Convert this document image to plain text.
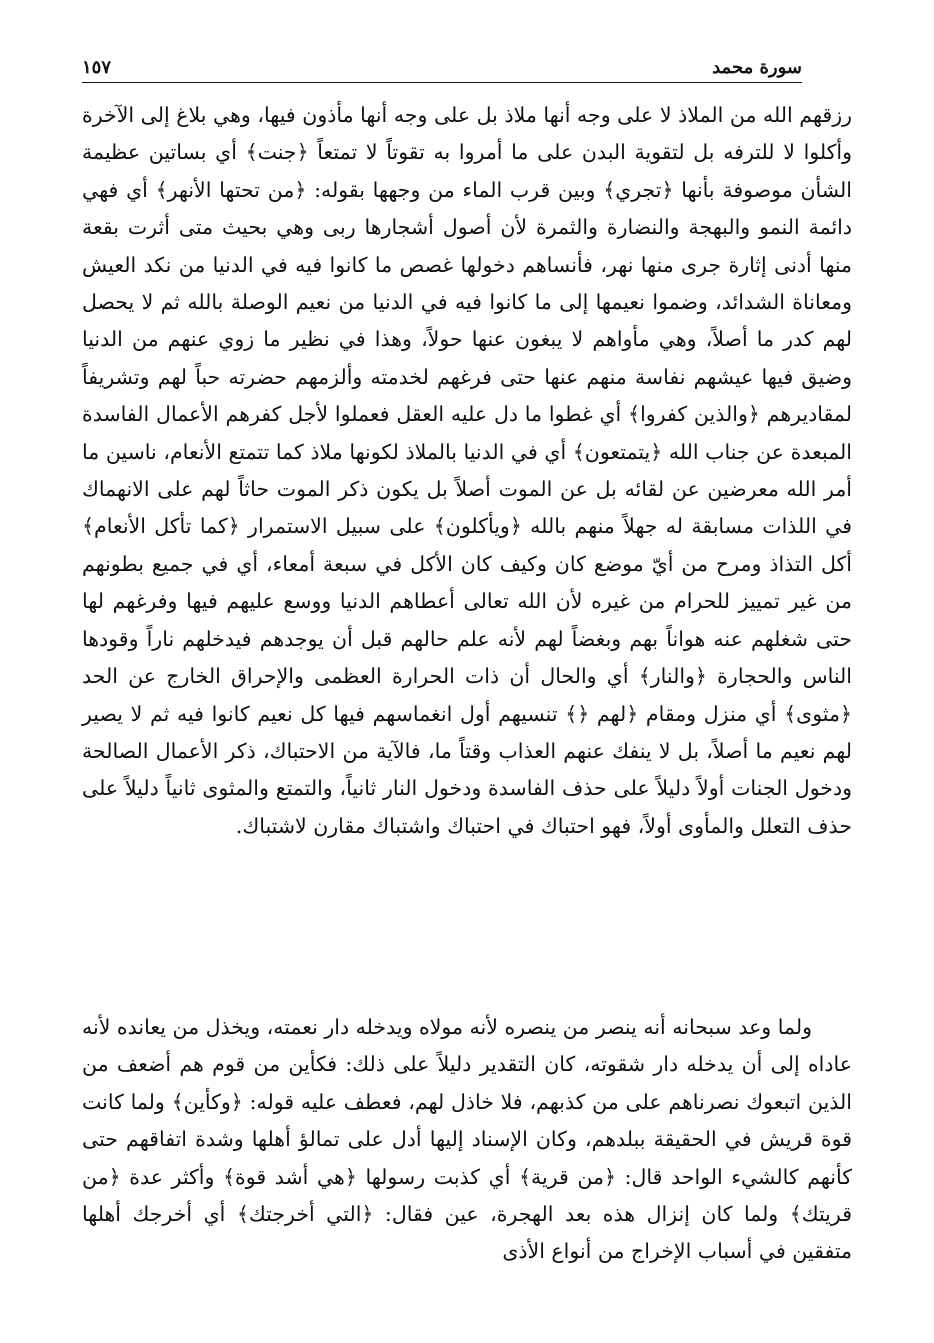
١٥٧	سورة محمد

رزقهم الله من الملاذ لا على وجه أنها ملاذ بل على وجه أنها مأذون فيها، وهي بلاغ إلى الآخرة وأكلوا لا للترفه بل لتقوية البدن على ما أمروا به تقوتاً لا تمتعاً ﴿جنت﴾ أي بساتين عظيمة الشأن موصوفة بأنها ﴿تجري﴾ وبين قرب الماء من وجهها بقوله: ﴿من تحتها الأنهر﴾ أي فهي دائمة النمو والبهجة والنضارة والثمرة لأن أصول أشجارها ربى وهي بحيث متى أثرت بقعة منها أدنى إثارة جرى منها نهر، فأنساهم دخولها غصص ما كانوا فيه في الدنيا من نكد العيش ومعاناة الشدائد، وضموا نعيمها إلى ما كانوا فيه في الدنيا من نعيم الوصلة بالله ثم لا يحصل لهم كدر ما أصلاً، وهي مأواهم لا يبغون عنها حولاً، وهذا في نظير ما زوي عنهم من الدنيا وضيق فيها عيشهم نفاسة منهم عنها حتى فرغهم لخدمته وألزمهم حضرته حباً لهم وتشريفاً لمقاديرهم ﴿والذين كفروا﴾ أي غطوا ما دل عليه العقل فعملوا لأجل كفرهم الأعمال الفاسدة المبعدة عن جناب الله ﴿يتمتعون﴾ أي في الدنيا بالملاذ لكونها ملاذ كما تتمتع الأنعام، ناسين ما أمر الله معرضين عن لقائه بل عن الموت أصلاً بل يكون ذكر الموت حاثاً لهم على الانهماك في اللذات مسابقة له جهلاً منهم بالله ﴿ويأكلون﴾ على سبيل الاستمرار ﴿كما تأكل الأنعام﴾ أكل التذاذ ومرح من أيّ موضع كان وكيف كان الأكل في سبعة أمعاء، أي في جميع بطونهم من غير تمييز للحرام من غيره لأن الله تعالى أعطاهم الدنيا ووسع عليهم فيها وفرغهم لها حتى شغلهم عنه هواناً بهم وبغضاً لهم لأنه علم حالهم قبل أن يوجدهم فيدخلهم ناراً وقودها الناس والحجارة ﴿والنار﴾ أي والحال أن ذات الحرارة العظمى والإحراق الخارج عن الحد ﴿مثوى﴾ أي منزل ومقام ﴿لهم ﴿﴾ تنسيهم أول انغماسهم فيها كل نعيم كانوا فيه ثم لا يصير لهم نعيم ما أصلاً، بل لا ينفك عنهم العذاب وقتاً ما، فالآية من الاحتباك، ذكر الأعمال الصالحة ودخول الجنات أولاً دليلاً على حذف الفاسدة ودخول النار ثانياً، والتمتع والمثوى ثانياً دليلاً على حذف التعلل والمأوى أولاً، فهو احتباك في احتباك واشتباك مقارن لاشتباك.

ولما وعد سبحانه أنه ينصر من ينصره لأنه مولاه ويدخله دار نعمته، ويخذل من يعانده لأنه عاداه إلى أن يدخله دار شقوته، كان التقدير دليلاً على ذلك: فكأين من قوم هم أضعف من الذين اتبعوك نصرناهم على من كذبهم، فلا خاذل لهم، فعطف عليه قوله: ﴿وكأين﴾ ولما كانت قوة قريش في الحقيقة ببلدهم، وكان الإسناد إليها أدل على تمالؤ أهلها وشدة اتفاقهم حتى كأنهم كالشيء الواحد قال: ﴿من قرية﴾ أي كذبت رسولها ﴿هي أشد قوة﴾ وأكثر عدة ﴿من قريتك﴾ ولما كان إنزال هذه بعد الهجرة، عين فقال: ﴿التي أخرجتك﴾ أي أخرجك أهلها متفقين في أسباب الإخراج من أنواع الأذى
